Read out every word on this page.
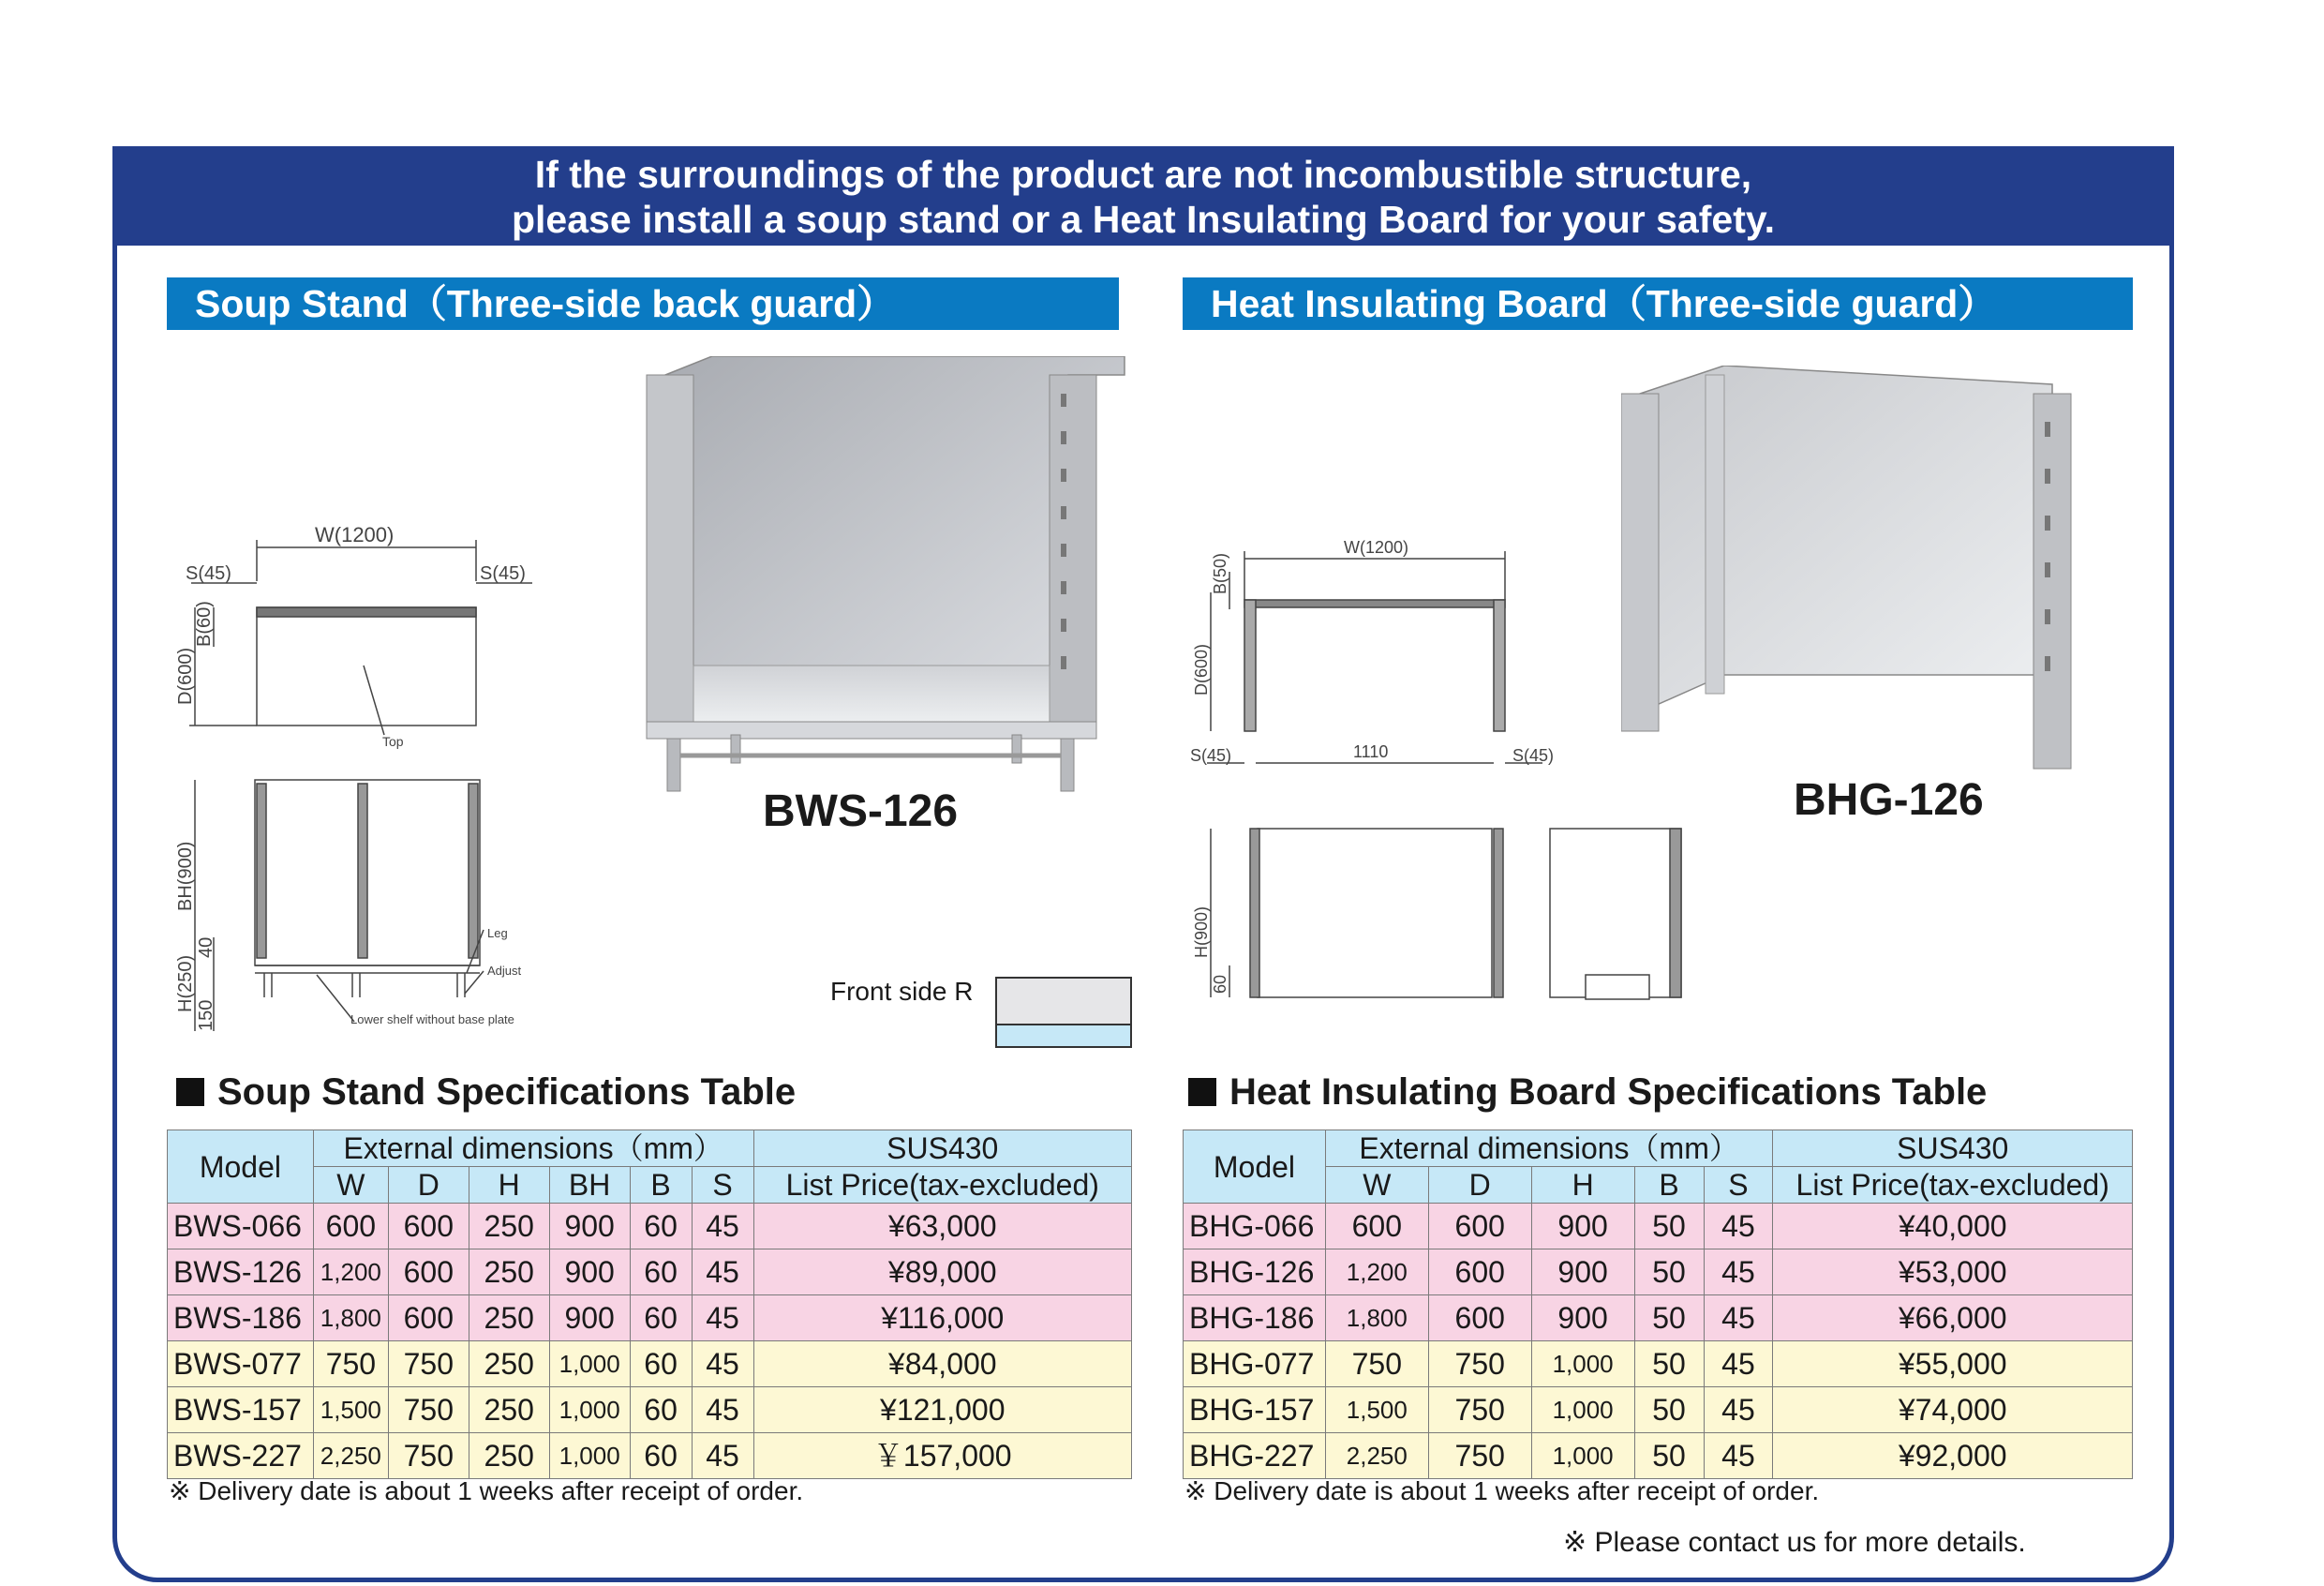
If the surroundings of the product are not incombustible structure,
please install a soup stand or a Heat Insulating Board for your safety.
Soup Stand（Three-side back guard）
W(1200)
S(45)	S(45)
D(600)
B(60)
Top
BH(900)
H(250)
40
150
Leg
Adjust
Lower shelf without base plate
BWS-126
Front side R
Soup Stand Specifications Table
Model	External dimensions（mm）						SUS430
	W	D	H	BH	B	S	List Price(tax-excluded)
BWS-066	600	600	250	900	60	45	¥63,000
BWS-126	1,200	600	250	900	60	45	¥89,000
BWS-186	1,800	600	250	900	60	45	¥116,000
BWS-077	750	750	250	1,000	60	45	¥84,000
BWS-157	1,500	750	250	1,000	60	45	¥121,000
BWS-227	2,250	750	250	1,000	60	45	￥157,000
※ Delivery date is about 1 weeks after receipt of order.
Heat Insulating Board（Three-side guard）
W(1200)
B(50)
D(600)
S(45)	S(45)
1110
H(900)
60
BHG-126
Heat Insulating Board Specifications Table
Model	External dimensions（mm）					SUS430
	W	D	H	B	S	List Price(tax-excluded)
BHG-066	600	600	900	50	45	¥40,000
BHG-126	1,200	600	900	50	45	¥53,000
BHG-186	1,800	600	900	50	45	¥66,000
BHG-077	750	750	1,000	50	45	¥55,000
BHG-157	1,500	750	1,000	50	45	¥74,000
BHG-227	2,250	750	1,000	50	45	¥92,000
※ Delivery date is about 1 weeks after receipt of order.
※ Please contact us for more details.
